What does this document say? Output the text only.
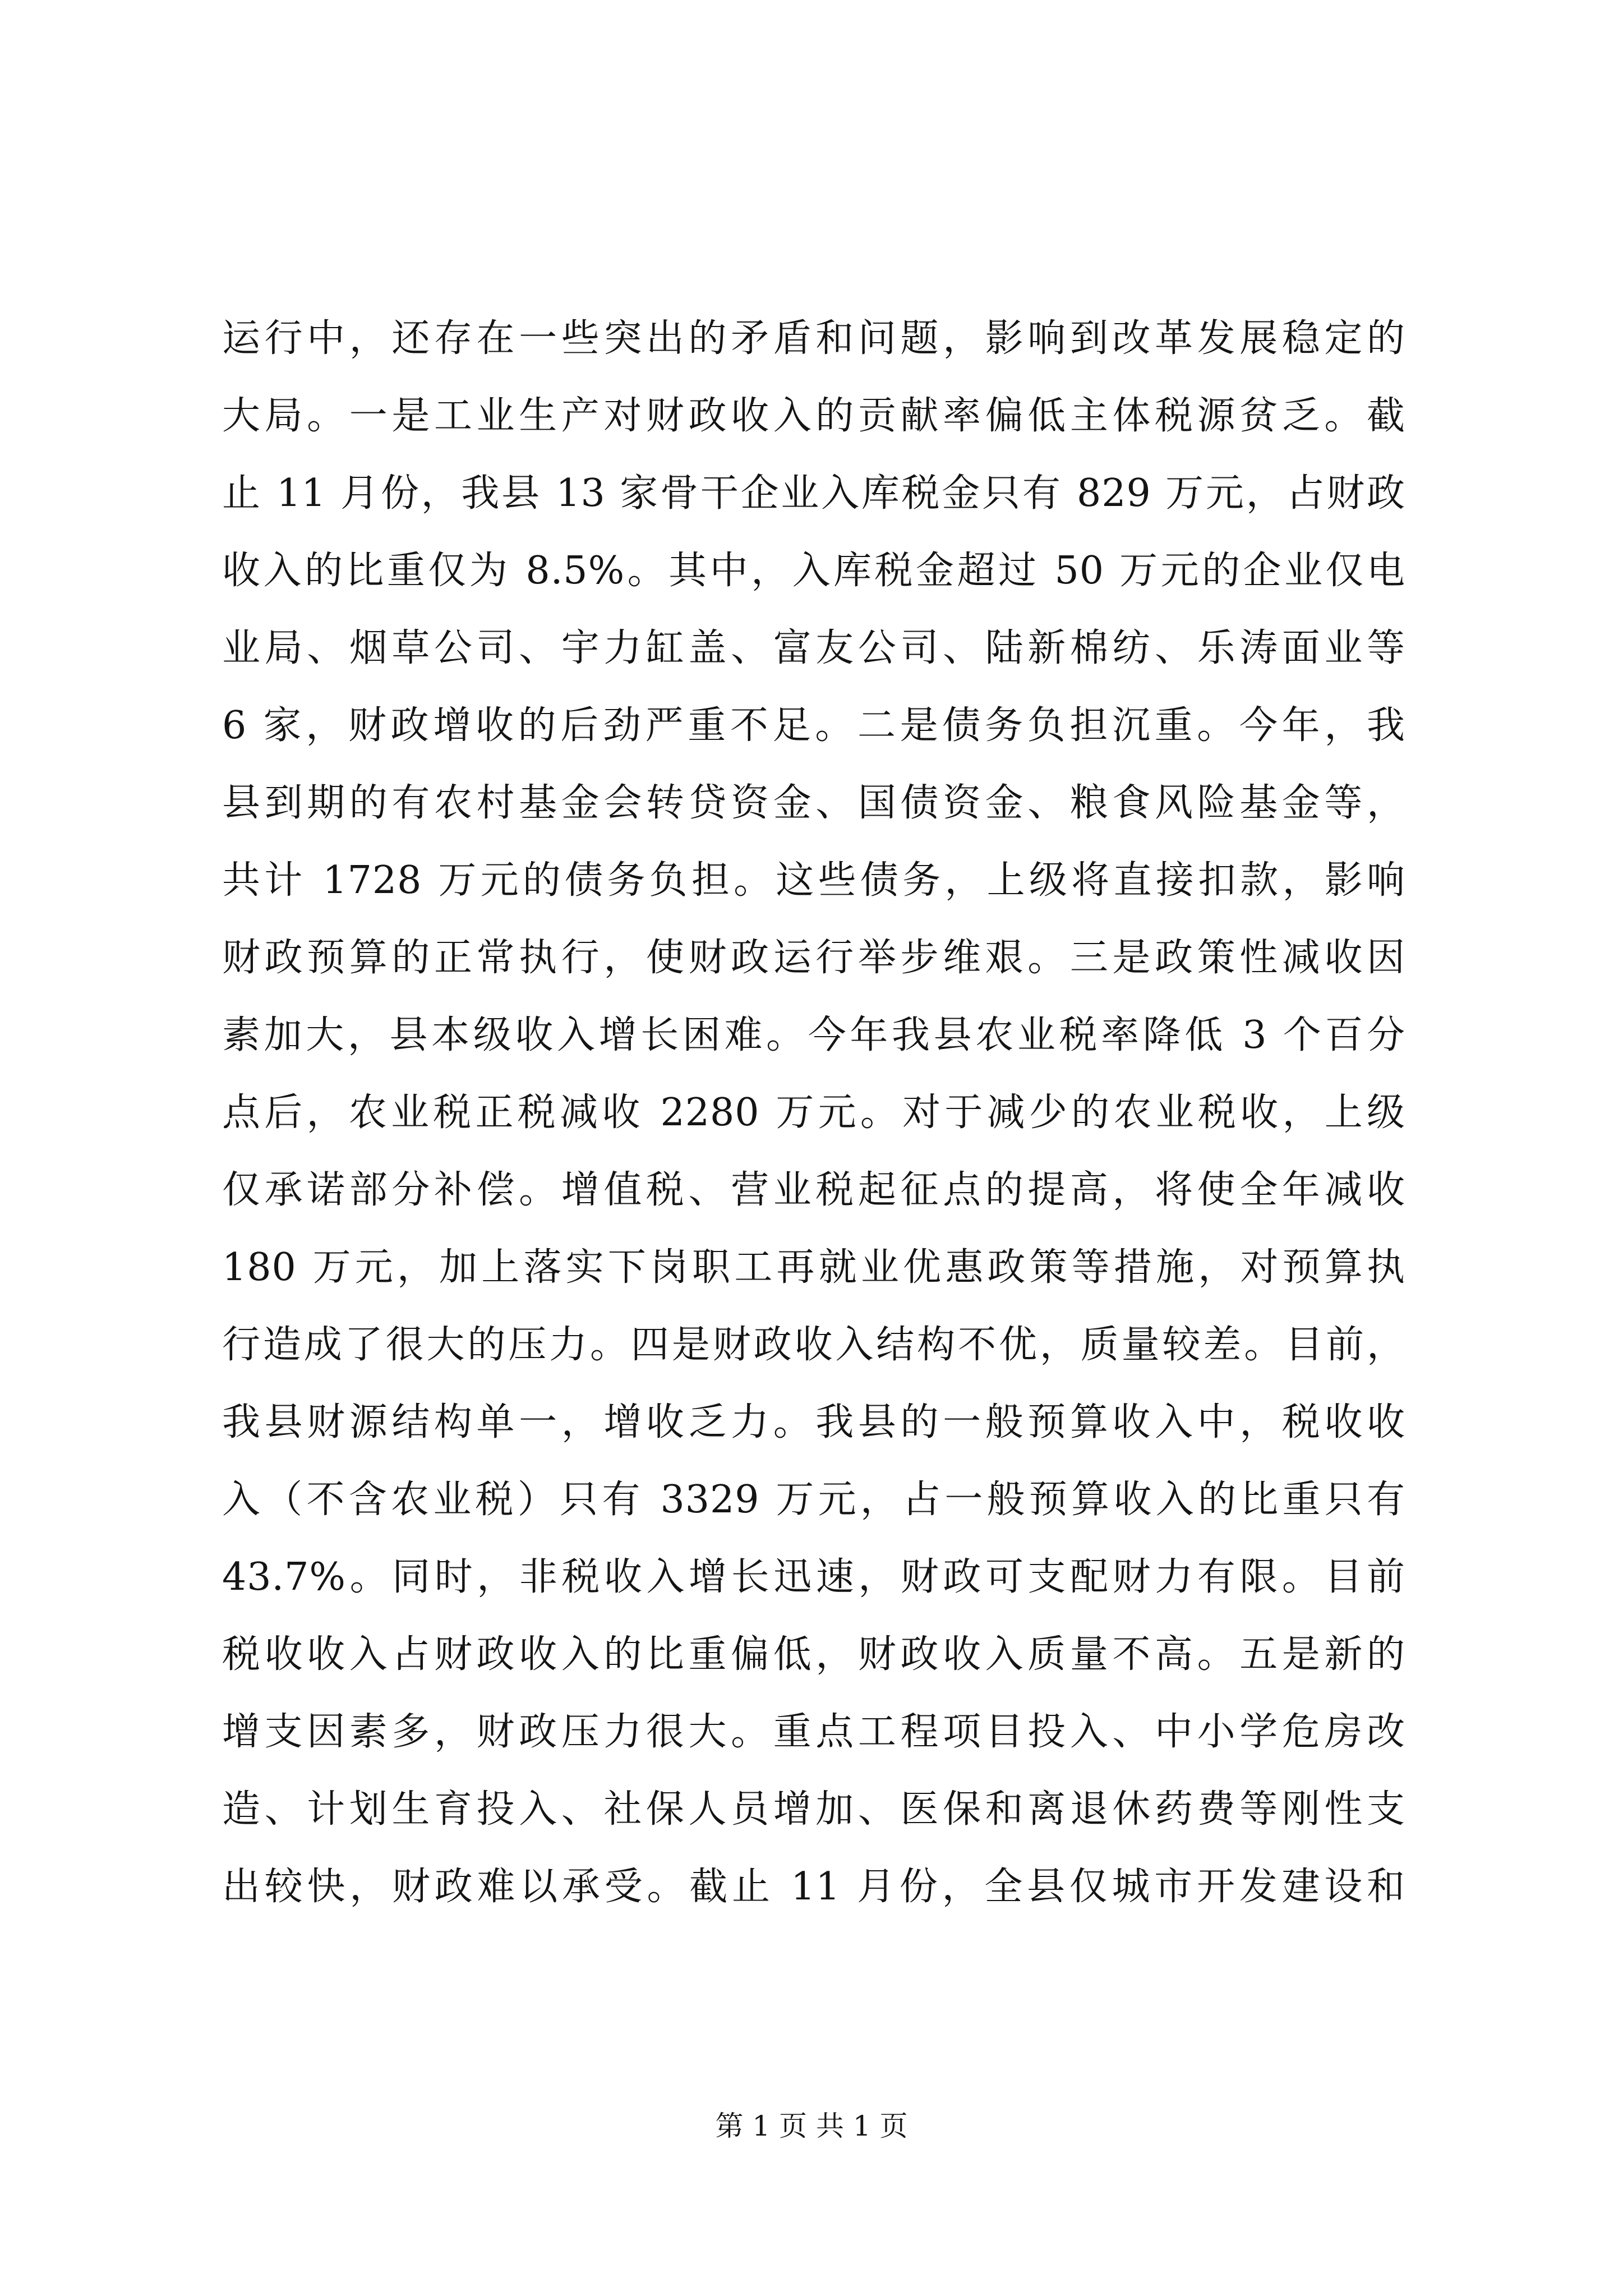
运行中，还存在一些突出的矛盾和问题，影响到改革发展稳定的
大局。一是工业生产对财政收入的贡献率偏低主体税源贫乏。截
止 11 月份，我县 13 家骨干企业入库税金只有 829 万元，占财政
收入的比重仅为 8.5%。其中，入库税金超过 50 万元的企业仅电
业局、烟草公司、宇力缸盖、富友公司、陆新棉纺、乐涛面业等
6 家，财政增收的后劲严重不足。二是债务负担沉重。今年，我
县到期的有农村基金会转贷资金、国债资金、粮食风险基金等，
共计 1728 万元的债务负担。这些债务，上级将直接扣款，影响
财政预算的正常执行，使财政运行举步维艰。三是政策性减收因
素加大，县本级收入增长困难。今年我县农业税率降低 3 个百分
点后，农业税正税减收 2280 万元。对于减少的农业税收，上级
仅承诺部分补偿。增值税、营业税起征点的提高，将使全年减收
180 万元，加上落实下岗职工再就业优惠政策等措施，对预算执
行造成了很大的压力。四是财政收入结构不优，质量较差。目前，
我县财源结构单一，增收乏力。我县的一般预算收入中，税收收
入（不含农业税）只有 3329 万元，占一般预算收入的比重只有
43.7%。同时，非税收入增长迅速，财政可支配财力有限。目前
税收收入占财政收入的比重偏低，财政收入质量不高。五是新的
增支因素多，财政压力很大。重点工程项目投入、中小学危房改
造、计划生育投入、社保人员增加、医保和离退休药费等刚性支
出较快，财政难以承受。截止 11 月份，全县仅城市开发建设和
第 1 页 共 1 页
